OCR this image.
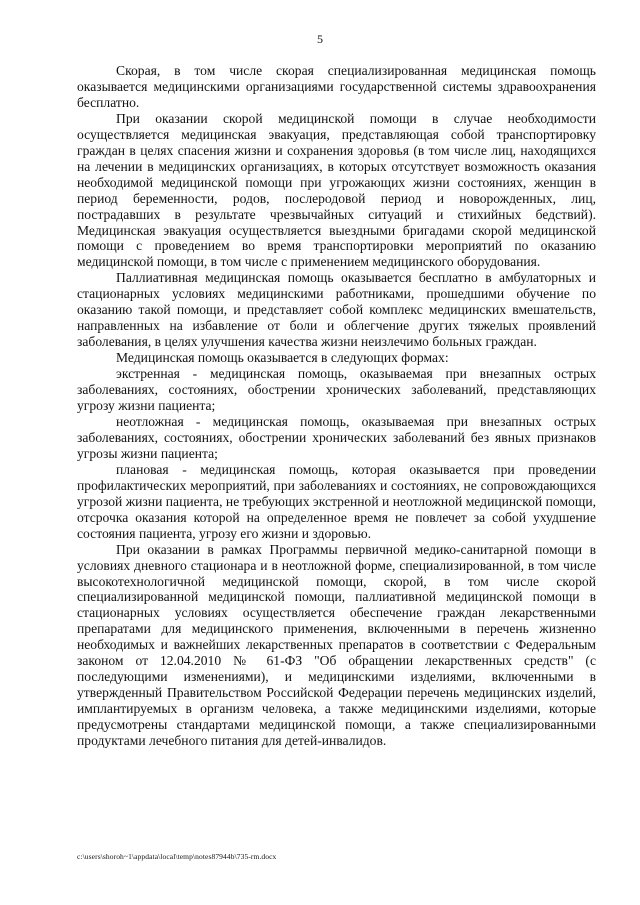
5

Скорая, в том числе скорая специализированная медицинская помощь оказывается медицинскими организациями государственной системы здравоохранения бесплатно.

При оказании скорой медицинской помощи в случае необходимости осуществляется медицинская эвакуация, представляющая собой транспортировку граждан в целях спасения жизни и сохранения здоровья (в том числе лиц, находящихся на лечении в медицинских организациях, в которых отсутствует возможность оказания необходимой медицинской помощи при угрожающих жизни состояниях, женщин в период беременности, родов, послеродовой период и новорожденных, лиц, пострадавших в результате чрезвычайных ситуаций и стихийных бедствий). Медицинская эвакуация осуществляется выездными бригадами скорой медицинской помощи с проведением во время транспортировки мероприятий по оказанию медицинской помощи, в том числе с применением медицинского оборудования.

Паллиативная медицинская помощь оказывается бесплатно в амбулаторных и стационарных условиях медицинскими работниками, прошедшими обучение по оказанию такой помощи, и представляет собой комплекс медицинских вмешательств, направленных на избавление от боли и облегчение других тяжелых проявлений заболевания, в целях улучшения качества жизни неизлечимо больных граждан.

Медицинская помощь оказывается в следующих формах:

экстренная - медицинская помощь, оказываемая при внезапных острых заболеваниях, состояниях, обострении хронических заболеваний, представляющих угрозу жизни пациента;

неотложная - медицинская помощь, оказываемая при внезапных острых заболеваниях, состояниях, обострении хронических заболеваний без явных признаков угрозы жизни пациента;

плановая - медицинская помощь, которая оказывается при проведении профилактических мероприятий, при заболеваниях и состояниях, не сопровождающихся угрозой жизни пациента, не требующих экстренной и неотложной медицинской помощи, отсрочка оказания которой на определенное время не повлечет за собой ухудшение состояния пациента, угрозу его жизни и здоровью.

При оказании в рамках Программы первичной медико-санитарной помощи в условиях дневного стационара и в неотложной форме, специализированной, в том числе высокотехнологичной медицинской помощи, скорой, в том числе скорой специализированной медицинской помощи, паллиативной медицинской помощи в стационарных условиях осуществляется обеспечение граждан лекарственными препаратами для медицинского применения, включенными в перечень жизненно необходимых и важнейших лекарственных препаратов в соответствии с Федеральным законом от 12.04.2010 № 61-ФЗ "Об обращении лекарственных средств" (с последующими изменениями), и медицинскими изделиями, включенными в утвержденный Правительством Российской Федерации перечень медицинских изделий, имплантируемых в организм человека, а также медицинскими изделиями, которые предусмотрены стандартами медицинской помощи, а также специализированными продуктами лечебного питания для детей-инвалидов.

c:\users\shoroh~1\appdata\local\temp\notes87944b\735-rm.docx
